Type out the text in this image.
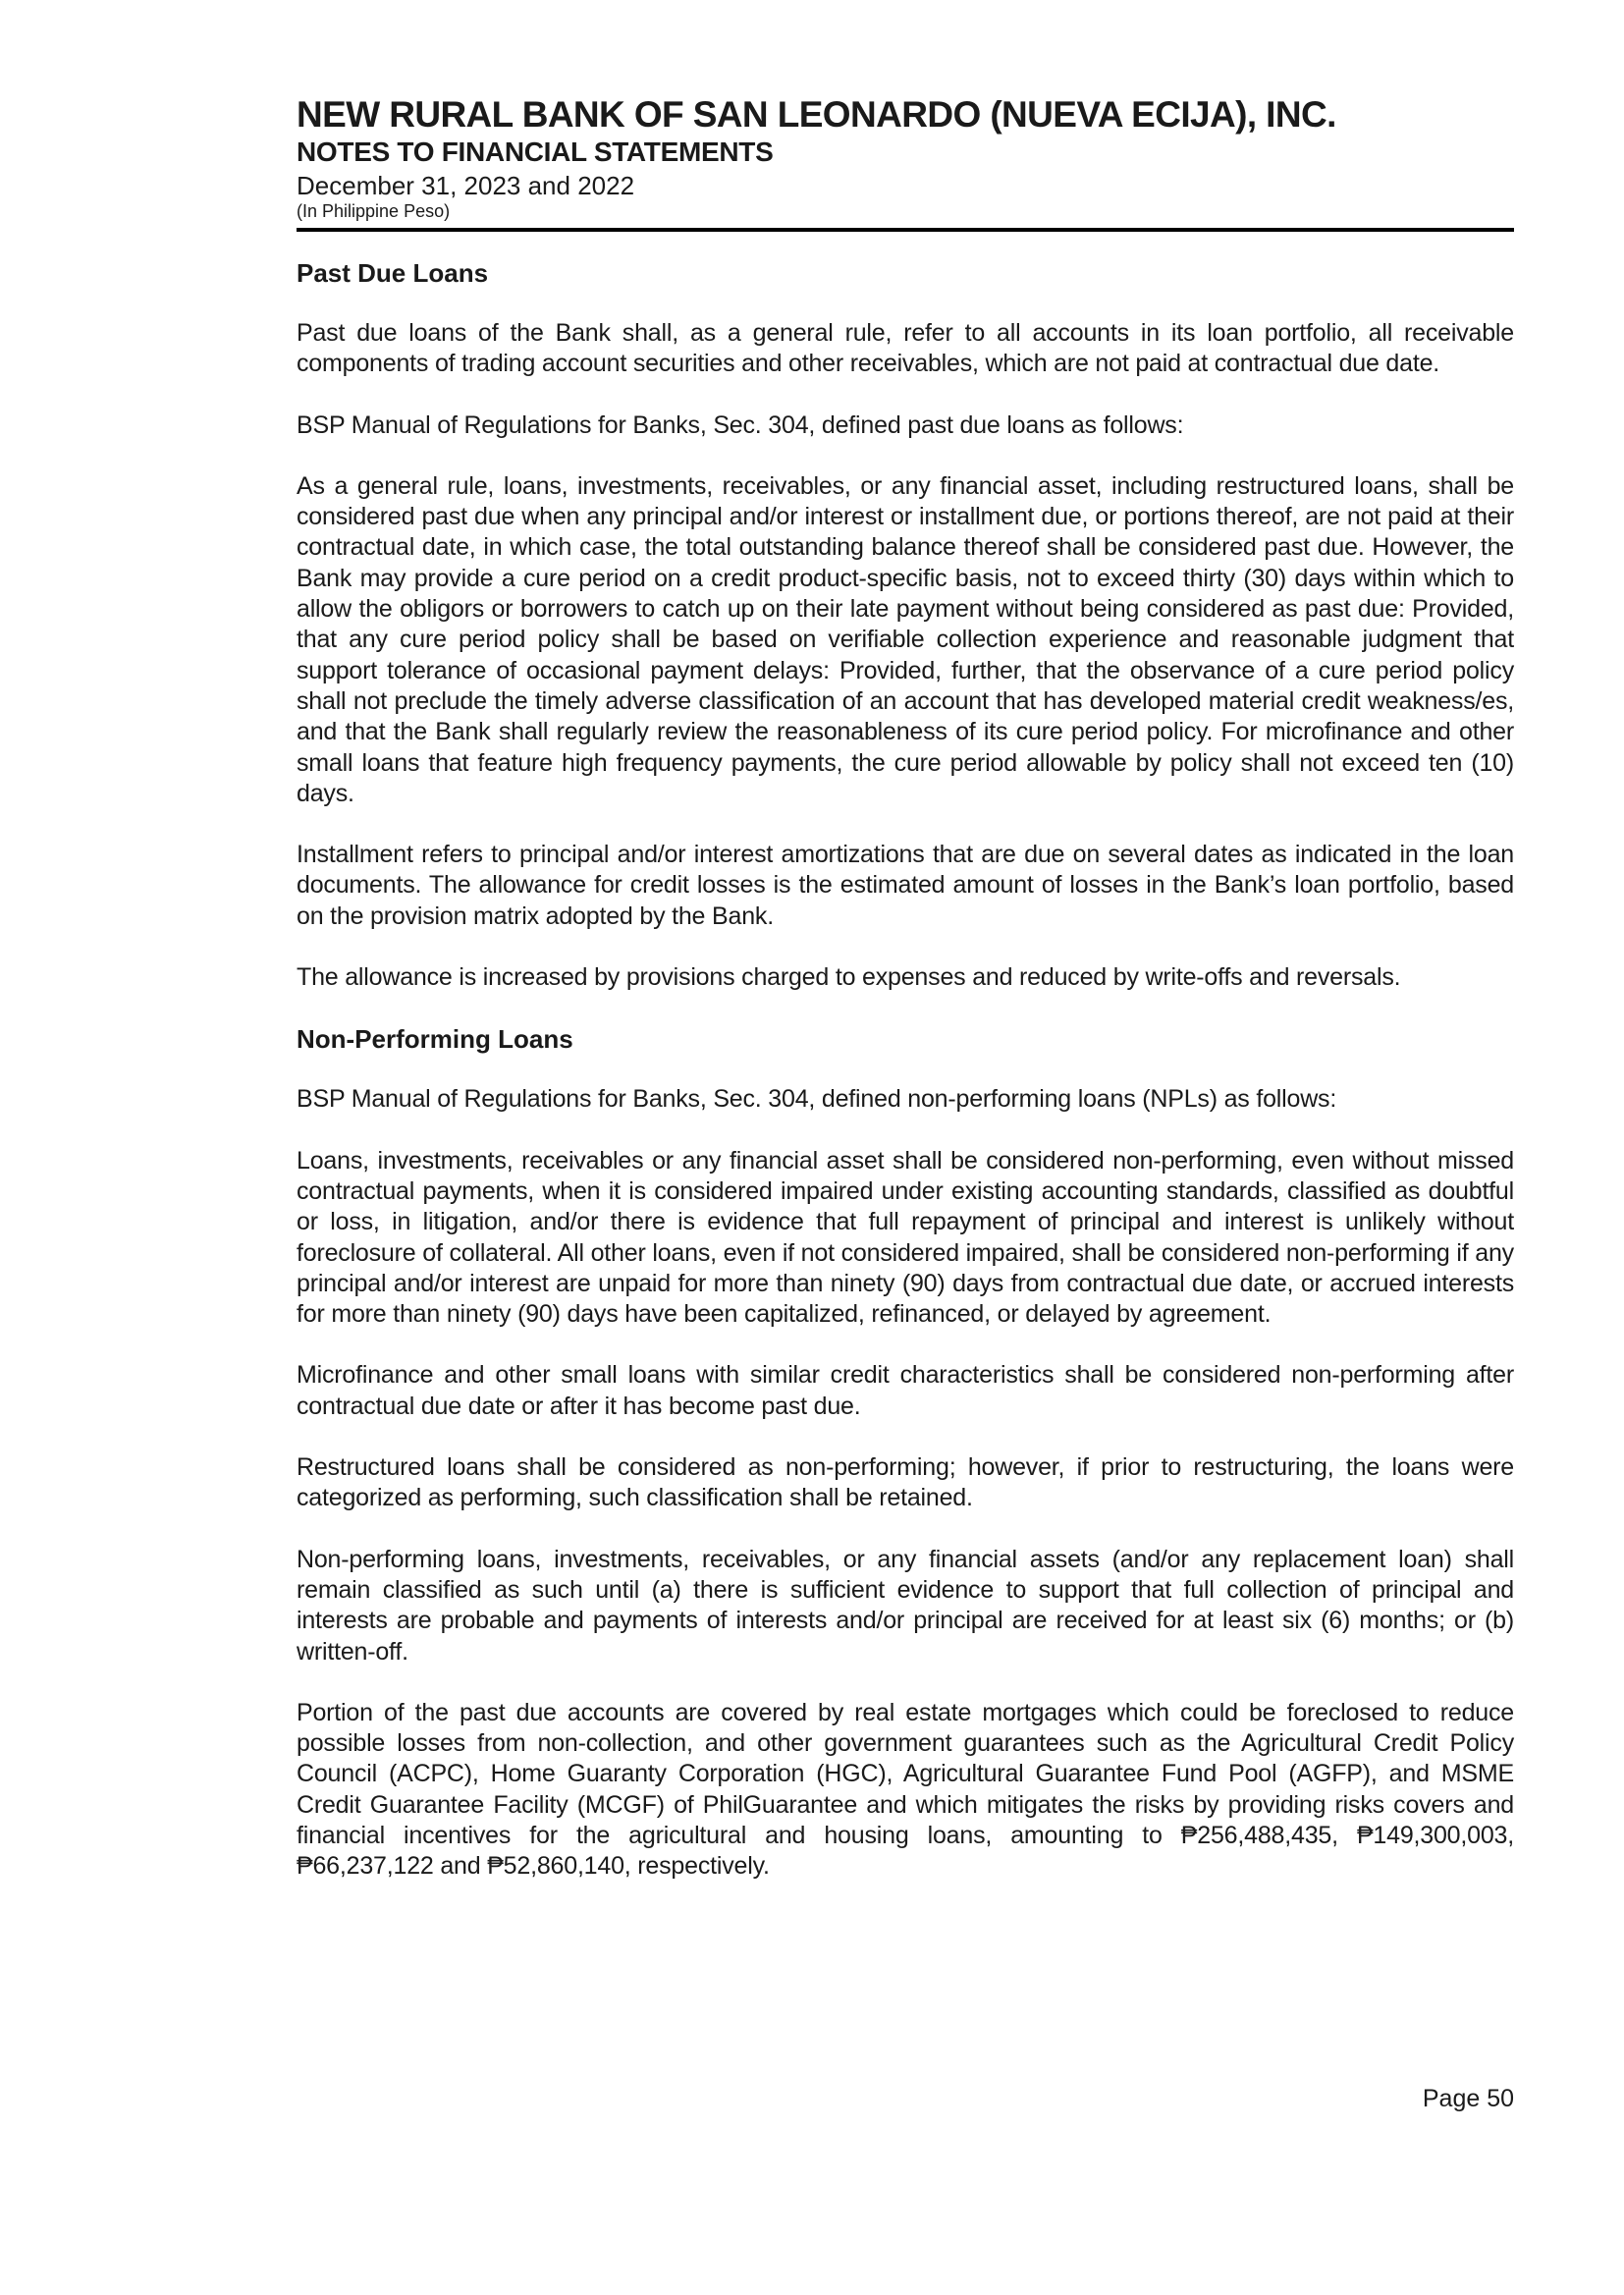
NEW RURAL BANK OF SAN LEONARDO (NUEVA ECIJA), INC.
NOTES TO FINANCIAL STATEMENTS
December 31, 2023 and 2022
(In Philippine Peso)
Past Due Loans

Past due loans of the Bank shall, as a general rule, refer to all accounts in its loan portfolio, all receivable components of trading account securities and other receivables, which are not paid at contractual due date.

BSP Manual of Regulations for Banks, Sec. 304, defined past due loans as follows:

As a general rule, loans, investments, receivables, or any financial asset, including restructured loans, shall be considered past due when any principal and/or interest or installment due, or portions thereof, are not paid at their contractual date, in which case, the total outstanding balance thereof shall be considered past due. However, the Bank may provide a cure period on a credit product-specific basis, not to exceed thirty (30) days within which to allow the obligors or borrowers to catch up on their late payment without being considered as past due: Provided, that any cure period policy shall be based on verifiable collection experience and reasonable judgment that support tolerance of occasional payment delays: Provided, further, that the observance of a cure period policy shall not preclude the timely adverse classification of an account that has developed material credit weakness/es, and that the Bank shall regularly review the reasonableness of its cure period policy. For microfinance and other small loans that feature high frequency payments, the cure period allowable by policy shall not exceed ten (10) days.

Installment refers to principal and/or interest amortizations that are due on several dates as indicated in the loan documents. The allowance for credit losses is the estimated amount of losses in the Bank’s loan portfolio, based on the provision matrix adopted by the Bank.

The allowance is increased by provisions charged to expenses and reduced by write-offs and reversals.

Non-Performing Loans

BSP Manual of Regulations for Banks, Sec. 304, defined non-performing loans (NPLs) as follows:

Loans, investments, receivables or any financial asset shall be considered non-performing, even without missed contractual payments, when it is considered impaired under existing accounting standards, classified as doubtful or loss, in litigation, and/or there is evidence that full repayment of principal and interest is unlikely without foreclosure of collateral. All other loans, even if not considered impaired, shall be considered non-performing if any principal and/or interest are unpaid for more than ninety (90) days from contractual due date, or accrued interests for more than ninety (90) days have been capitalized, refinanced, or delayed by agreement.

Microfinance and other small loans with similar credit characteristics shall be considered non-performing after contractual due date or after it has become past due.

Restructured loans shall be considered as non-performing; however, if prior to restructuring, the loans were categorized as performing, such classification shall be retained.

Non-performing loans, investments, receivables, or any financial assets (and/or any replacement loan) shall remain classified as such until (a) there is sufficient evidence to support that full collection of principal and interests are probable and payments of interests and/or principal are received for at least six (6) months; or (b) written-off.

Portion of the past due accounts are covered by real estate mortgages which could be foreclosed to reduce possible losses from non-collection, and other government guarantees such as the Agricultural Credit Policy Council (ACPC), Home Guaranty Corporation (HGC), Agricultural Guarantee Fund Pool (AGFP), and MSME Credit Guarantee Facility (MCGF) of PhilGuarantee and which mitigates the risks by providing risks covers and financial incentives for the agricultural and housing loans, amounting to ₱256,488,435, ₱149,300,003, ₱66,237,122 and ₱52,860,140, respectively.

Page 50
